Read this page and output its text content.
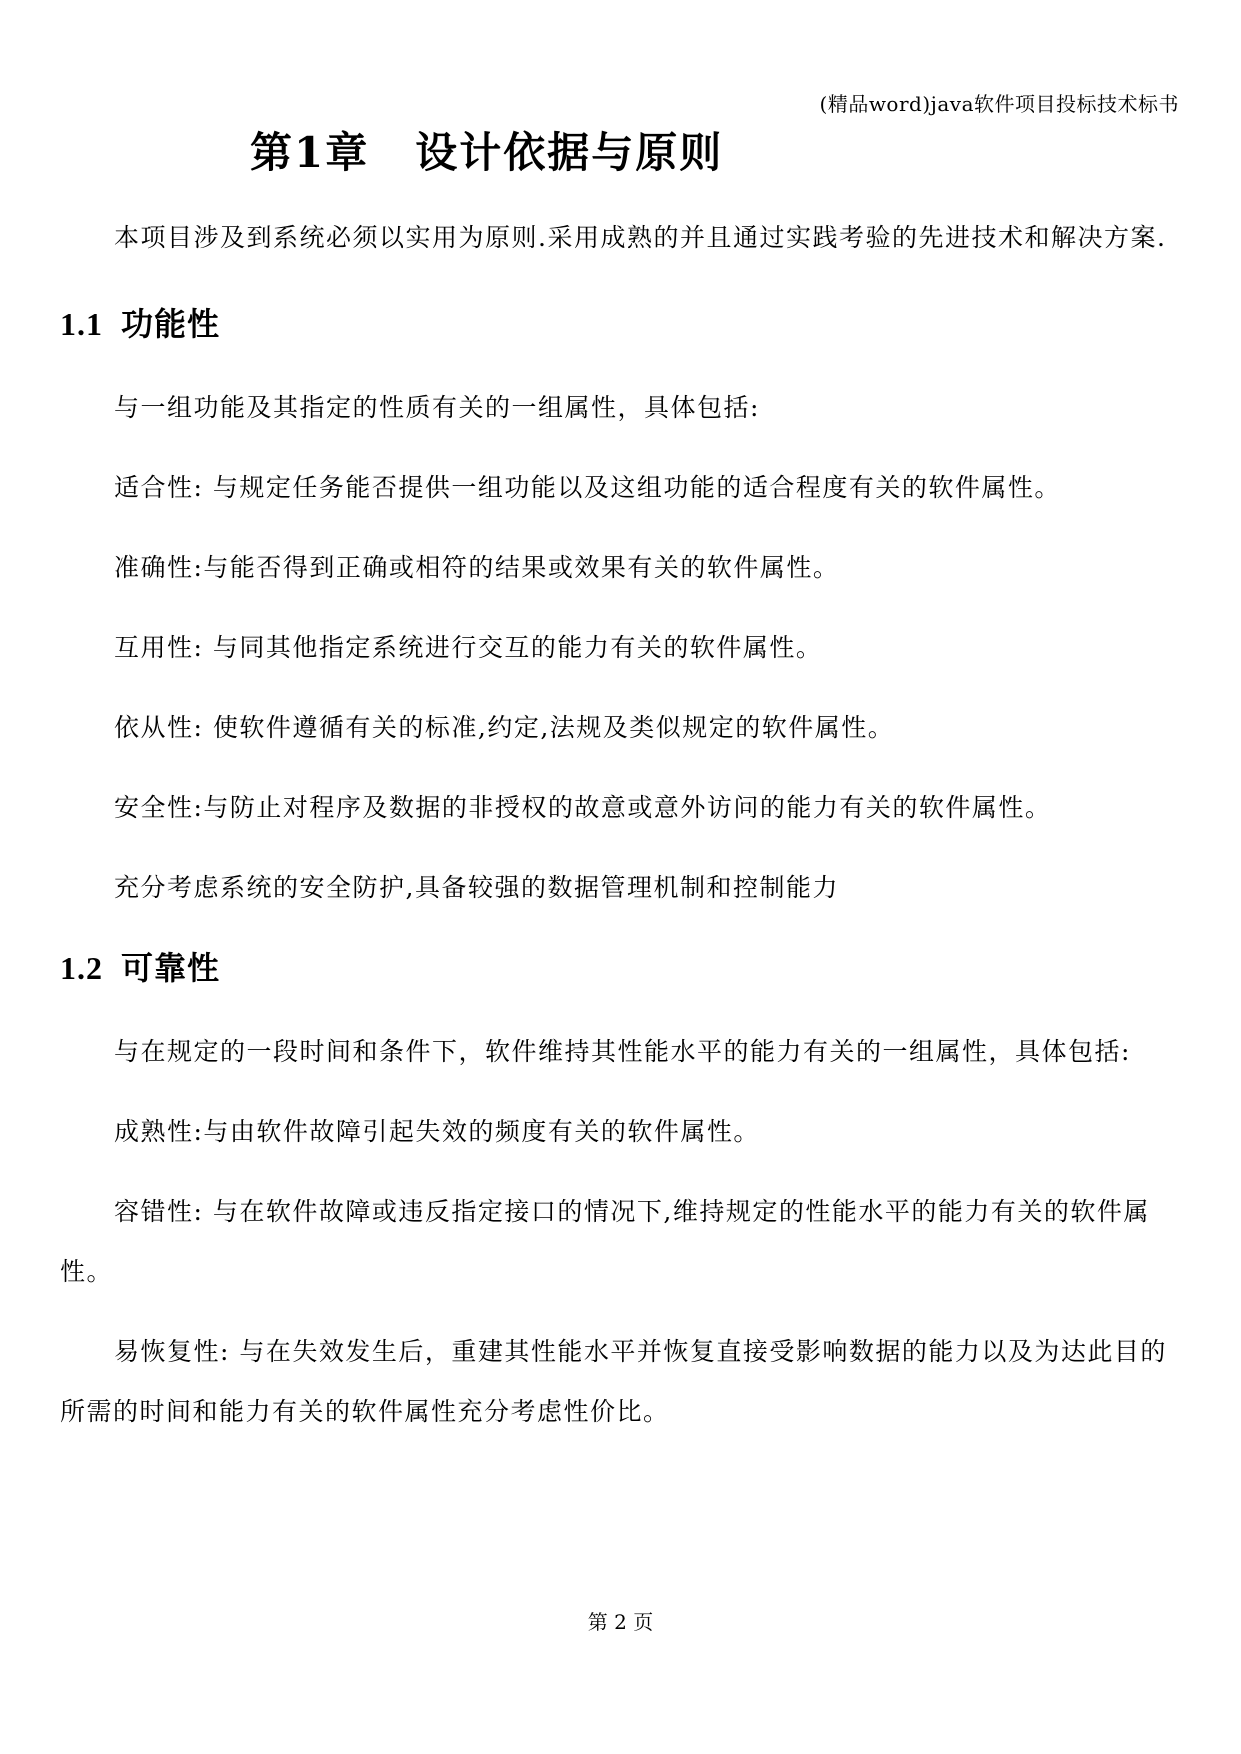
(精品word)java软件项目投标技术标书
第1章 设计依据与原则

本项目涉及到系统必须以实用为原则.采用成熟的并且通过实践考验的先进技术和解决方案.

1.1 功能性

与一组功能及其指定的性质有关的一组属性，具体包括:

适合性: 与规定任务能否提供一组功能以及这组功能的适合程度有关的软件属性。

准确性:与能否得到正确或相符的结果或效果有关的软件属性。

互用性: 与同其他指定系统进行交互的能力有关的软件属性。

依从性: 使软件遵循有关的标准,约定,法规及类似规定的软件属性。

安全性:与防止对程序及数据的非授权的故意或意外访问的能力有关的软件属性。

充分考虑系统的安全防护,具备较强的数据管理机制和控制能力

1.2 可靠性

与在规定的一段时间和条件下，软件维持其性能水平的能力有关的一组属性，具体包括:

成熟性:与由软件故障引起失效的频度有关的软件属性。

容错性: 与在软件故障或违反指定接口的情况下,维持规定的性能水平的能力有关的软件属性。

易恢复性: 与在失效发生后，重建其性能水平并恢复直接受影响数据的能力以及为达此目的所需的时间和能力有关的软件属性充分考虑性价比。

第 2 页
